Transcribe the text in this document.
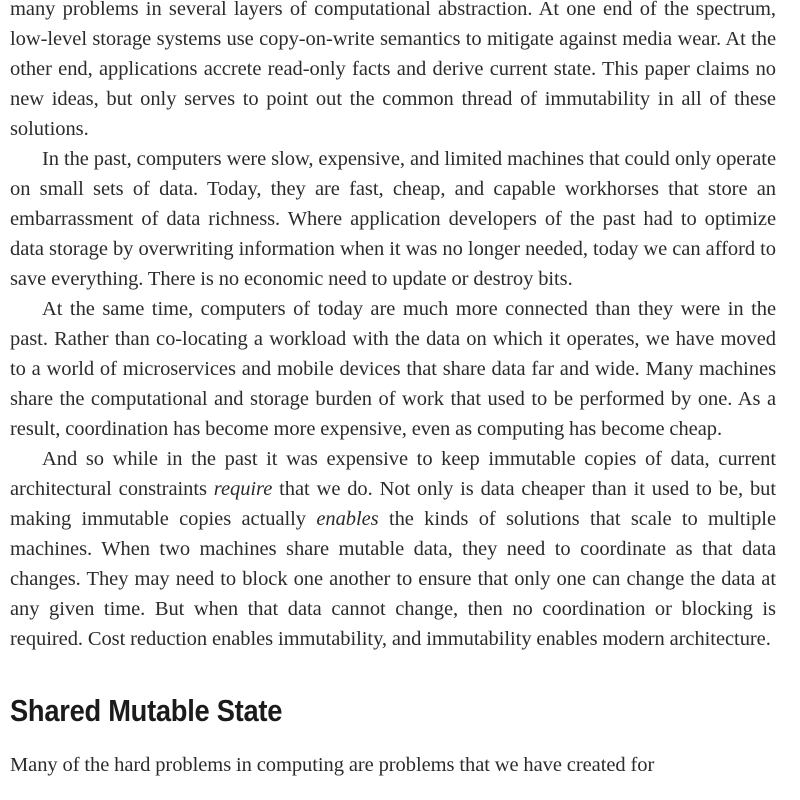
many problems in several layers of computational abstraction. At one end of the spectrum, low-level storage systems use copy-on-write semantics to mitigate against media wear. At the other end, applications accrete read-only facts and derive current state. This paper claims no new ideas, but only serves to point out the common thread of immutability in all of these solutions.

In the past, computers were slow, expensive, and limited machines that could only operate on small sets of data. Today, they are fast, cheap, and capable workhorses that store an embarrassment of data richness. Where application developers of the past had to optimize data storage by overwriting information when it was no longer needed, today we can afford to save everything. There is no economic need to update or destroy bits.

At the same time, computers of today are much more connected than they were in the past. Rather than co-locating a workload with the data on which it operates, we have moved to a world of microservices and mobile devices that share data far and wide. Many machines share the computational and storage burden of work that used to be performed by one. As a result, coordination has become more expensive, even as computing has become cheap.

And so while in the past it was expensive to keep immutable copies of data, current architectural constraints require that we do. Not only is data cheaper than it used to be, but making immutable copies actually enables the kinds of solutions that scale to multiple machines. When two machines share mutable data, they need to coordinate as that data changes. They may need to block one another to ensure that only one can change the data at any given time. But when that data cannot change, then no coordination or blocking is required. Cost reduction enables immutability, and immutability enables modern architecture.

Shared Mutable State

Many of the hard problems in computing are problems that we have created for
